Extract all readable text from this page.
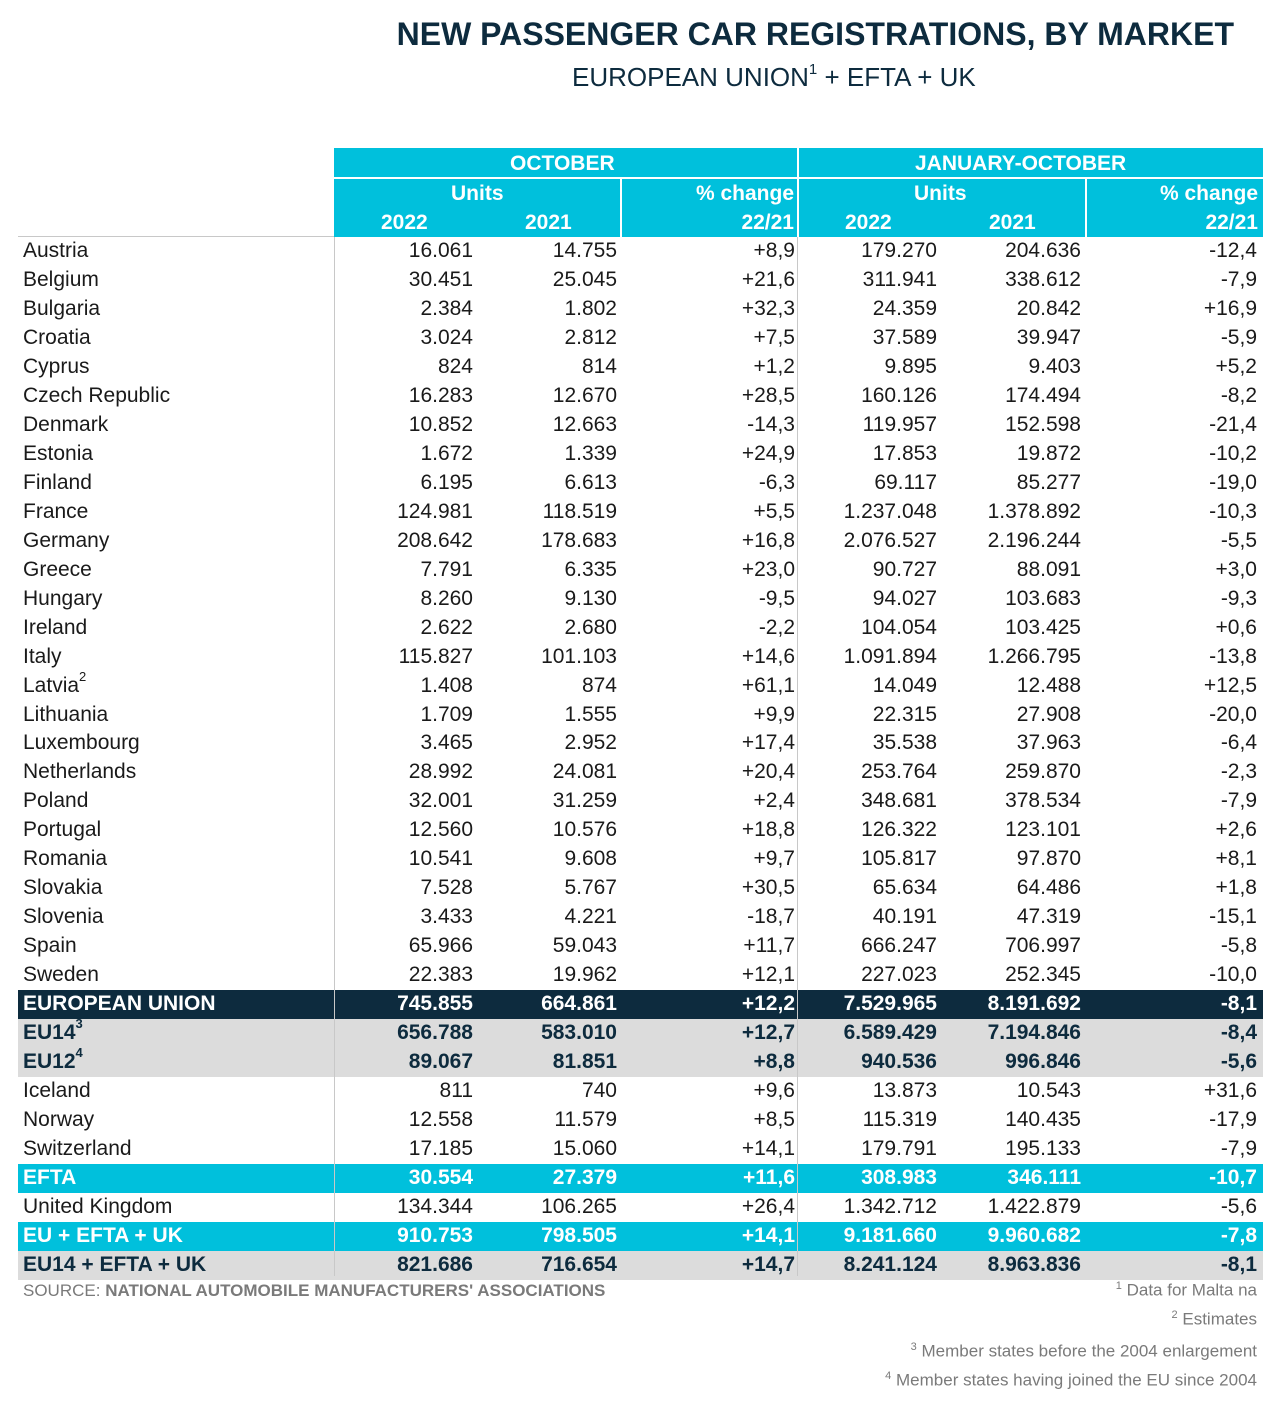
NEW PASSENGER CAR REGISTRATIONS, BY MARKET
EUROPEAN $UNION^1$ + EFTA + UK
OCTOBER	JANUARY-OCTOBER
Units	Units
% change	% change
2022	2021	22/21 2022	2021	22/21
Austria	16.061	14.755	+8,9	179.270	204.636	-12,4
Belgium	30.451	25.045	+21,6	311.941	338.612	-7,9
Bulgaria	2.384	1.802	+32,3	24.359	20.842	+16,9
Croatia	3.024	2.812	+7,5	37.589	39.947	-5,9
Cyprus	824	814	+1,2	9.895	9.403	+5,2
Czech Republic	16.283	12.670	+28,5	160.126	174.494	-8,2
Denmark	10.852	12.663	-14,3	119.957	152.598	-21,4
Estonia	1.672	1.339	+24,9	17.853	19.872	-10,2
Finland	6.195	6.613	-6,3	69.117	85.277	-19,0
France	124.981	118.519	+5,5 1.237.048 1.378.892	-10,3
Germany	208.642	178.683	+16,8 2.076.527 2.196.244	-5,5
Greece	7.791	6.335	+23,0	90.727	88.091	+3,0
Hungary	8.260	9.130	-9,5	94.027	103.683	-9,3
Ireland	2.622	2.680	-2,2	104.054	103.425	+0,6
Italy	115.827	101.103	+14,6 1.091.894 1.266.795	-13,8
Latvia$^2$	1.408	874	+61,1	14.049	12.488	+12,5
Lithuania	1.709	1.555	+9,9	22.315	27.908	-20,0
Luxembourg	3.465	2.952	+17,4	35.538	37.963	-6,4
Netherlands	28.992	24.081	+20,4	253.764	259.870	-2,3
Poland	32.001	31.259	+2,4	348.681	378.534	-7,9
Portugal	12.560	10.576	+18,8	126.322	123.101	+2,6
Romania	10.541	9.608	+9,7	105.817	97.870	+8,1
Slovakia	7.528	5.767	+30,5	65.634	64.486	+1,8
Slovenia	3.433	4.221	-18,7	40.191	47.319	-15,1
Spain	65.966	59.043	+11,7	666.247	706.997	-5,8
Sweden	22.383	19.962	+12,1	227.023	252.345	-10,0
EUROPEAN UNION	745.855	664.861	+12,2 7.529.965 8.191.692	-8,1
$EU14^3$	656.788	583.010	+12,7 6.589.429 7.194.846	-8,4
$EU12^4$	89.067	81.851	+8,8	940.536	996.846	-5,6
Iceland	811	740	+9,6	13.873	10.543	+31,6
Norway	12.558	11.579	+8,5	115.319	140.435	-17,9
Switzerland	17.185	15.060	+14,1	179.791	195.133	-7,9
EFTA	30.554	27.379	+11,6	308.983	346.111	-10,7
United Kingdom	134.344	106.265	+26,4 1.342.712 1.422.879	-5,6
EU + EFTA + UK	910.753	798.505	+14,1 9.181.660 9.960.682	-7,8
EU14 + EFTA + UK	821.686	716.654	+14,7 8.241.124 8.963.836	-8,1
SOURCE: NATIONAL AUTOMOBILE MANUFACTURERS' ASSOCIATIONS	$^1$ Data for Malta na
$^2$ Estimates
$^3$ Member states before the 2004 enlargement
$^4$ Member states having joined the EU since 2004
